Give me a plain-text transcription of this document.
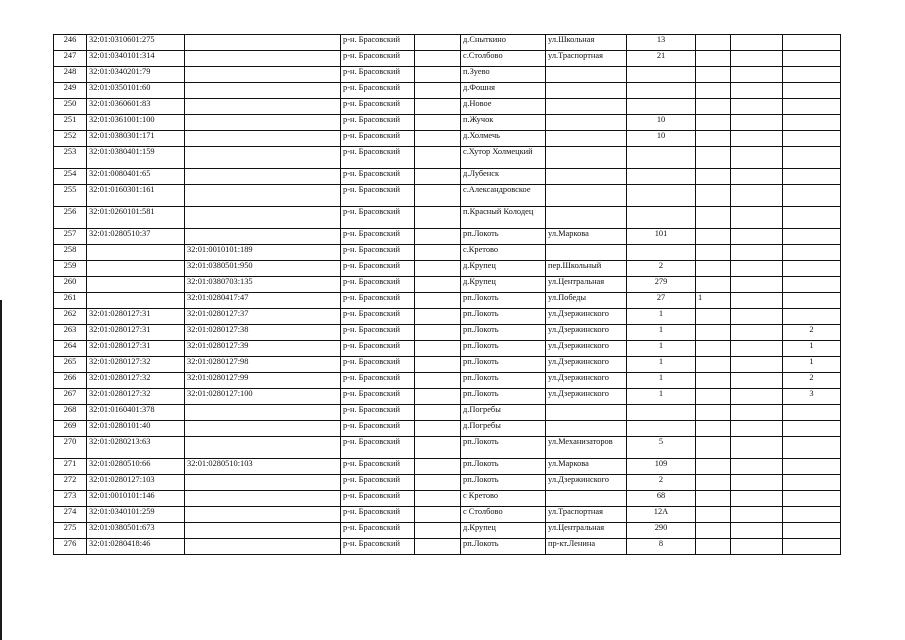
246	32:01:0310601:275		р-н. Брасовский		д.Сныткино	ул.Школьная	13			
247	32:01:0340101:314		р-н. Брасовский		с.Столбово	ул.Траспортная	21			
248	32:01:0340201:79		р-н. Брасовский		п.Зуево					
249	32:01:0350101:60		р-н. Брасовский		д.Фошня					
250	32:01:0360601:83		р-н. Брасовский		д.Новое					
251	32:01:0361001:100		р-н. Брасовский		п.Жучок		10			
252	32:01:0380301:171		р-н. Брасовский		д.Холмечь		10			
253	32:01:0380401:159		р-н. Брасовский		с.Хутор Холмецкий					
254	32:01:0080401:65		р-н. Брасовский		д.Лубенск					
255	32:01:0160301:161		р-н. Брасовский		с.Александровское					
256	32:01:0260101:581		р-н. Брасовский		п.Красный Колодец					
257	32:01:0280510:37		р-н. Брасовский		рп.Локоть	ул.Маркова	101			
258		32:01:0010101:189	р-н. Брасовский		с.Кретово					
259		32:01:0380501:950	р-н. Брасовский		д.Крупец	пер.Школьный	2			
260		32:01:0380703:135	р-н. Брасовский		д.Крупец	ул.Центральная	279			
261		32:01:0280417:47	р-н. Брасовский		рп.Локоть	ул.Победы	27	1		
262	32:01:0280127:31	32:01:0280127:37	р-н. Брасовский		рп.Локоть	ул.Дзержинского	1			
263	32:01:0280127:31	32:01:0280127:38	р-н. Брасовский		рп.Локоть	ул.Дзержинского	1			2
264	32:01:0280127:31	32:01:0280127:39	р-н. Брасовский		рп.Локоть	ул.Дзержинского	1			1
265	32:01:0280127:32	32:01:0280127:98	р-н. Брасовский		рп.Локоть	ул.Дзержинского	1			1
266	32:01:0280127:32	32:01:0280127:99	р-н. Брасовский		рп.Локоть	ул.Дзержинского	1			2
267	32:01:0280127:32	32:01:0280127:100	р-н. Брасовский		рп.Локоть	ул.Дзержинского	1			3
268	32:01:0160401:378		р-н. Брасовский		д.Погребы					
269	32:01:0280101:40		р-н. Брасовский		д.Погребы					
270	32:01:0280213:63		р-н. Брасовский		рп.Локоть	ул.Механизаторов	5			
271	32:01:0280510:66	32:01:0280510:103	р-н. Брасовский		рп.Локоть	ул.Маркова	109			
272	32:01:0280127:103		р-н. Брасовский		рп.Локоть	ул.Дзержинского	2			
273	32:01:0010101:146		р-н. Брасовский		с Кретово		68			
274	32:01:0340101:259		р-н. Брасовский		с Столбово	ул.Траспортная	12А			
275	32:01:0380501:673		р-н. Брасовский		д.Крупец	ул.Центральная	290			
276	32:01:0280418:46		р-н. Брасовский		рп.Локоть	пр-кт.Ленина	8			
